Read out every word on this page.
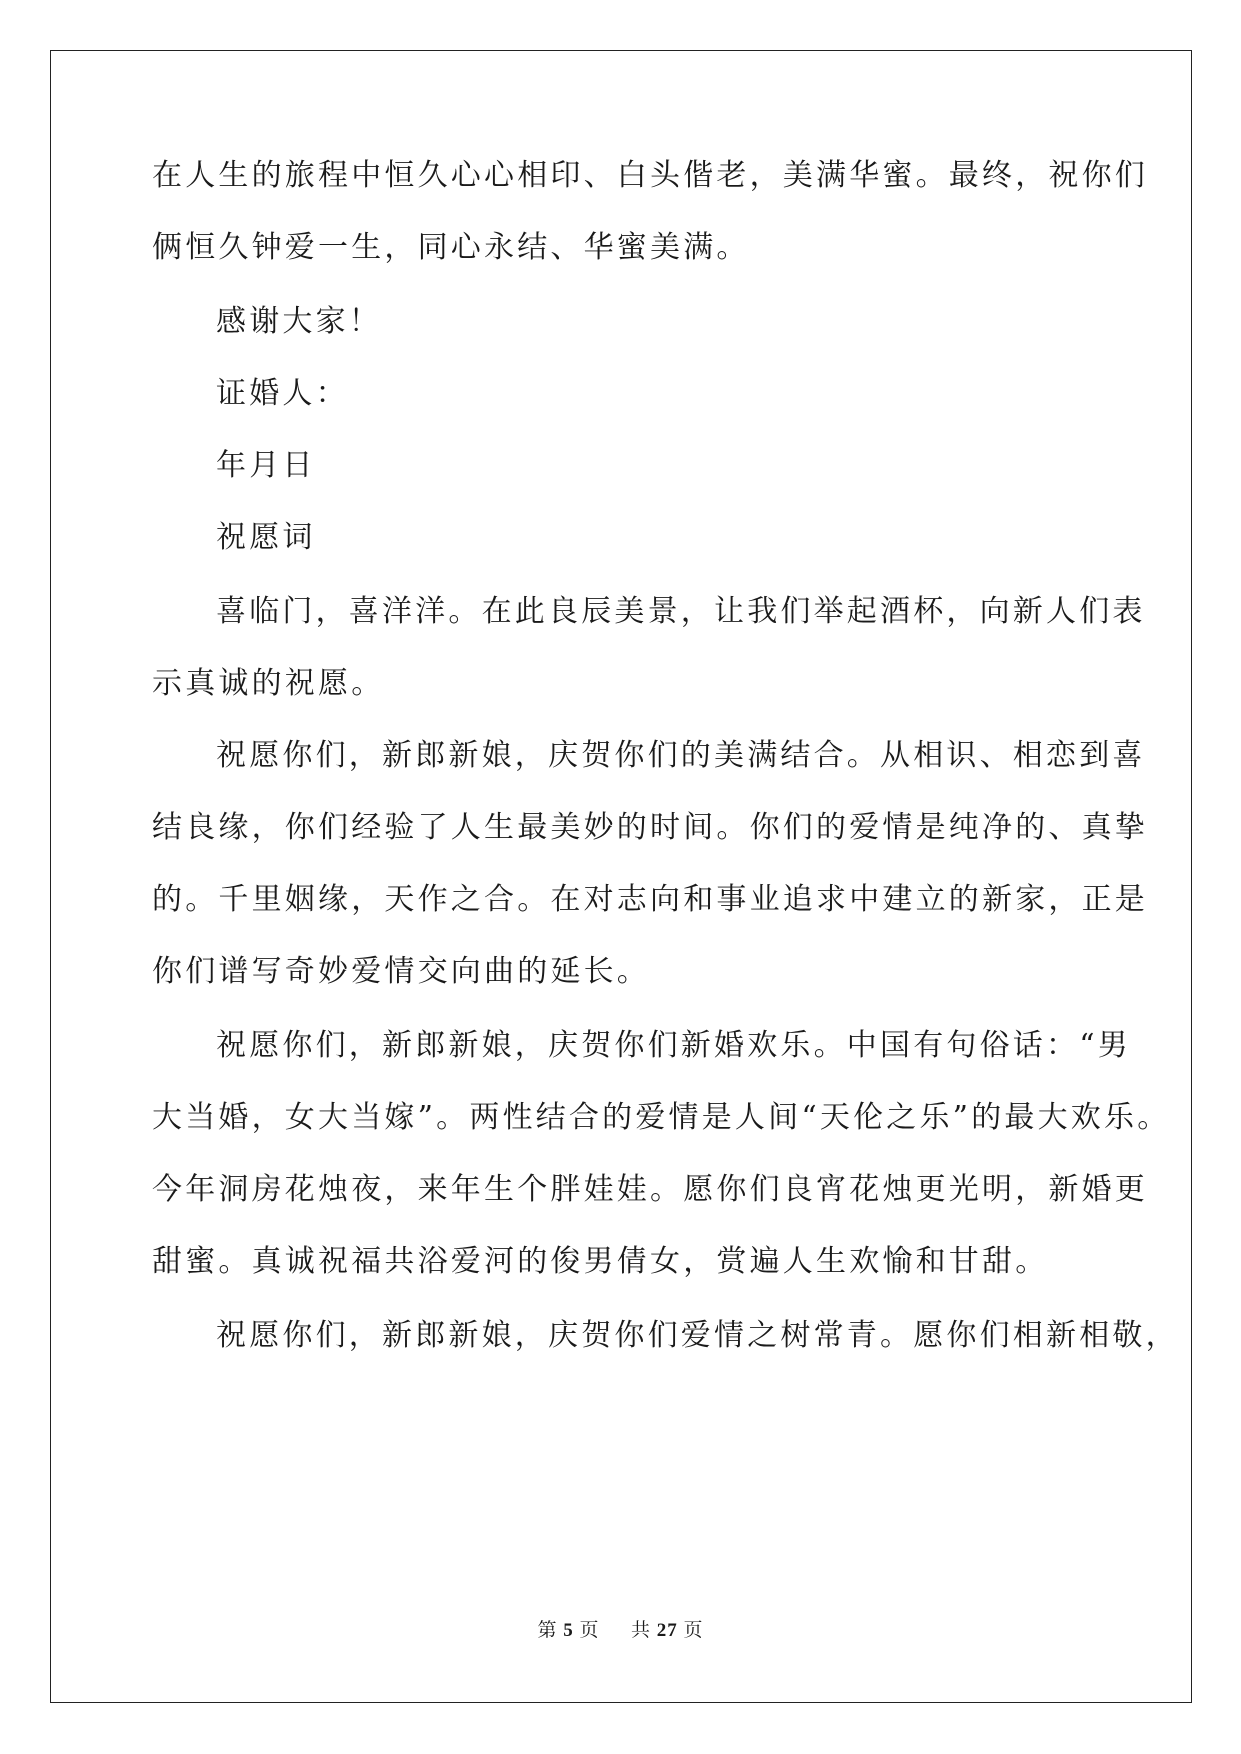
在人生的旅程中恒久心心相印、白头偕老，美满华蜜。最终，祝你们
俩恒久钟爱一生，同心永结、华蜜美满。
感谢大家！
证婚人：
年月日
祝愿词
喜临门，喜洋洋。在此良辰美景，让我们举起酒杯，向新人们表
示真诚的祝愿。
祝愿你们，新郎新娘，庆贺你们的美满结合。从相识、相恋到喜
结良缘，你们经验了人生最美妙的时间。你们的爱情是纯净的、真挚
的。千里姻缘，天作之合。在对志向和事业追求中建立的新家，正是
你们谱写奇妙爱情交向曲的延长。
祝愿你们，新郎新娘，庆贺你们新婚欢乐。中国有句俗话：“男
大当婚，女大当嫁”。两性结合的爱情是人间“天伦之乐”的最大欢乐。
今年洞房花烛夜，来年生个胖娃娃。愿你们良宵花烛更光明，新婚更
甜蜜。真诚祝福共浴爱河的俊男倩女，赏遍人生欢愉和甘甜。
祝愿你们，新郎新娘，庆贺你们爱情之树常青。愿你们相新相敬，
第 5 页 共 27 页
